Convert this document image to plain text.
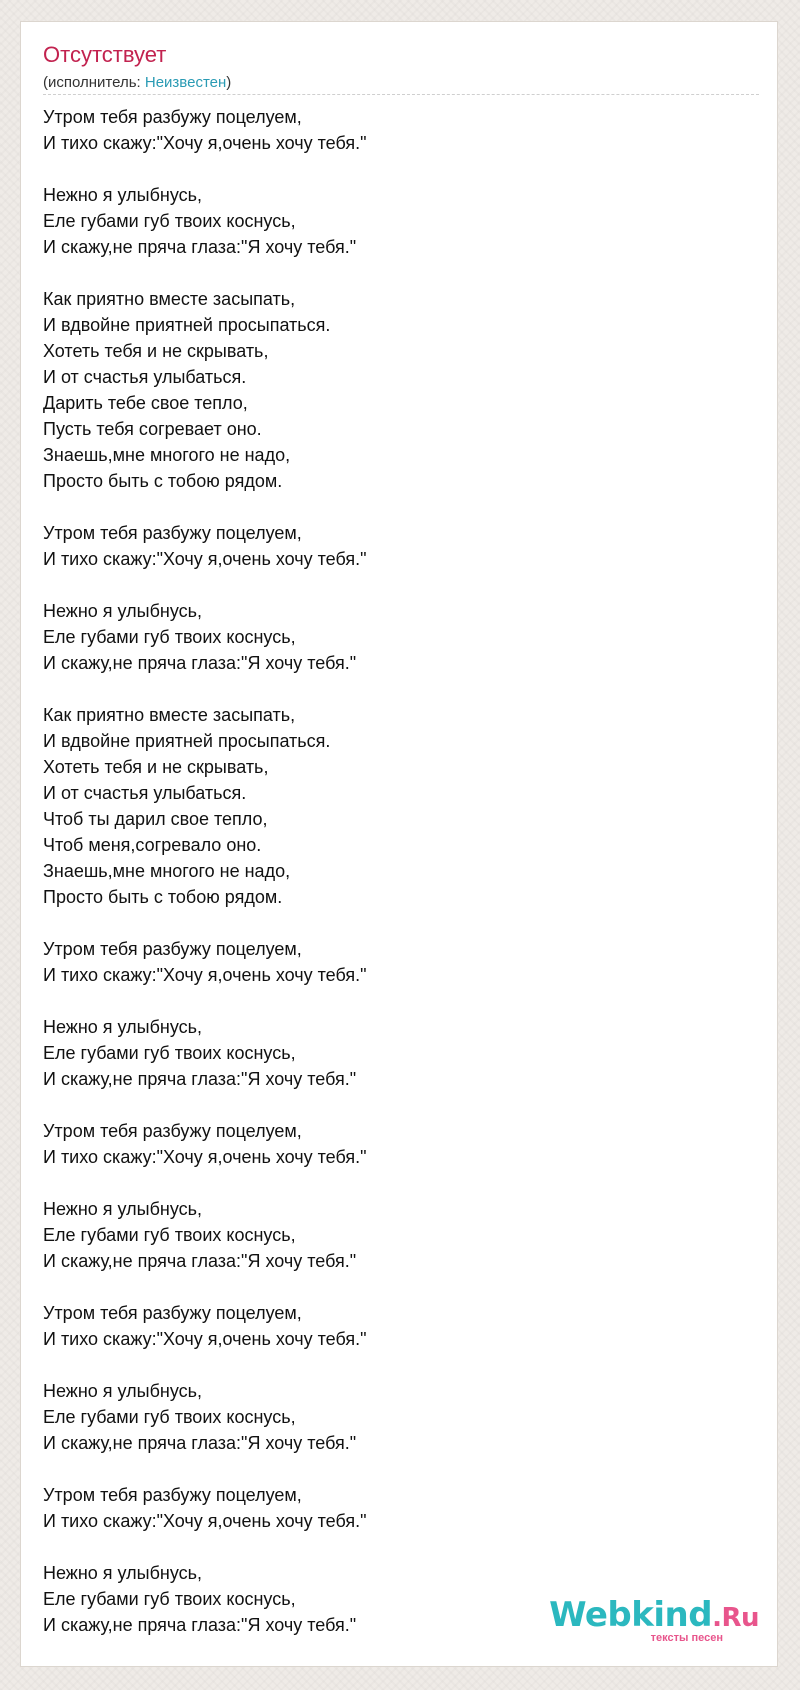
Отсутствует
(исполнитель: Неизвестен)
Утром тебя разбужу поцелуем,
И тихо скажу:"Хочу я,очень хочу тебя."
Нежно я улыбнусь,
Еле губами губ твоих коснусь,
И скажу,не пряча глаза:"Я хочу тебя."
Как приятно вместе засыпать,
И вдвойне приятней просыпаться.
Хотеть тебя и не скрывать,
И от счастья улыбаться.
Дарить тебе свое тепло,
Пусть тебя согревает оно.
Знаешь,мне многого не надо,
Просто быть с тобою рядом.
Утром тебя разбужу поцелуем,
И тихо скажу:"Хочу я,очень хочу тебя."
Нежно я улыбнусь,
Еле губами губ твоих коснусь,
И скажу,не пряча глаза:"Я хочу тебя."
Как приятно вместе засыпать,
И вдвойне приятней просыпаться.
Хотеть тебя и не скрывать,
И от счастья улыбаться.
Чтоб ты дарил свое тепло,
Чтоб меня,согревало оно.
Знаешь,мне многого не надо,
Просто быть с тобою рядом.
Утром тебя разбужу поцелуем,
И тихо скажу:"Хочу я,очень хочу тебя."
Нежно я улыбнусь,
Еле губами губ твоих коснусь,
И скажу,не пряча глаза:"Я хочу тебя."
Утром тебя разбужу поцелуем,
И тихо скажу:"Хочу я,очень хочу тебя."
Нежно я улыбнусь,
Еле губами губ твоих коснусь,
И скажу,не пряча глаза:"Я хочу тебя."
Утром тебя разбужу поцелуем,
И тихо скажу:"Хочу я,очень хочу тебя."
Нежно я улыбнусь,
Еле губами губ твоих коснусь,
И скажу,не пряча глаза:"Я хочу тебя."
Утром тебя разбужу поцелуем,
И тихо скажу:"Хочу я,очень хочу тебя."
Нежно я улыбнусь,
Еле губами губ твоих коснусь,
И скажу,не пряча глаза:"Я хочу тебя."	Webkind.Ru
тексты песен
